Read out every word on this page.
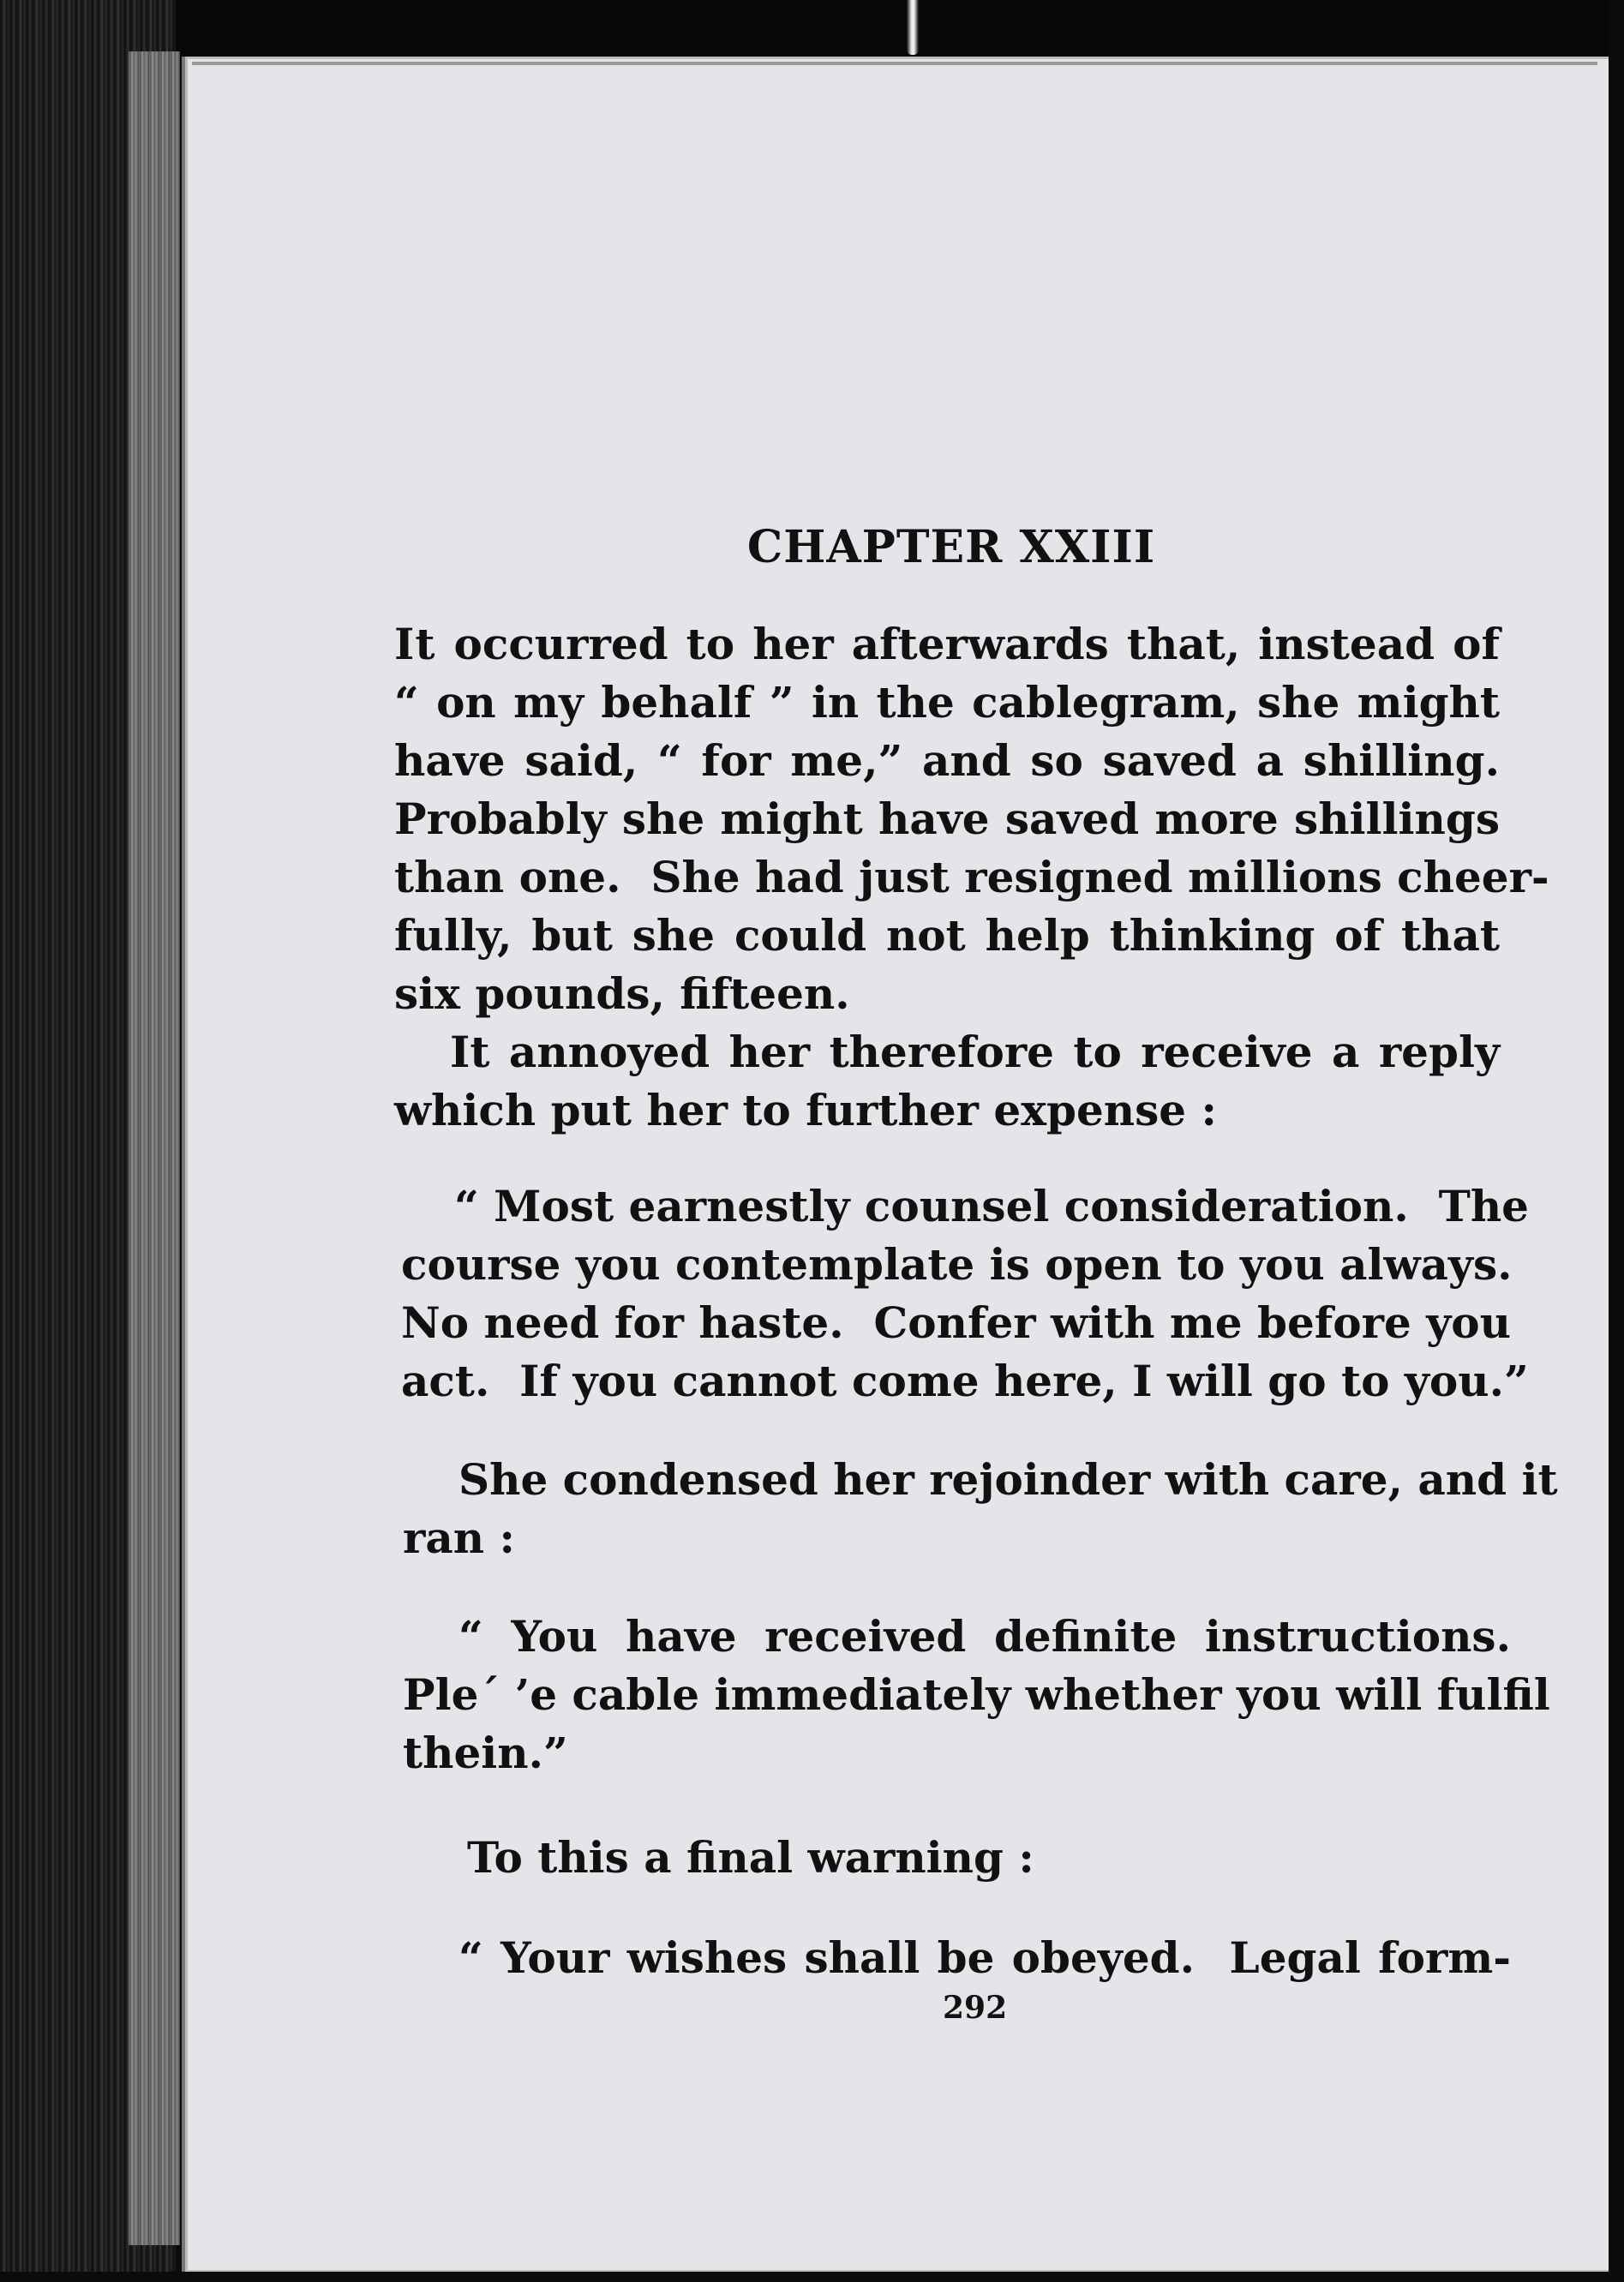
CHAPTER XXIII
It occurred to her afterwards that, instead of
“ on my behalf ” in the cablegram, she might
have said, “ for me,” and so saved a shilling.
Probably she might have saved more shillings
than one.  She had just resigned millions cheer-
fully, but she could not help thinking of that
six pounds, fifteen.
It annoyed her therefore to receive a reply
which put her to further expense :
“ Most earnestly counsel consideration.  The
course you contemplate is open to you always.
No need for haste.  Confer with me before you
act.  If you cannot come here, I will go to you.”
She condensed her rejoinder with care, and it
ran :
“ You have received definite instructions.
Ple´ ’e cable immediately whether you will fulfil
thein.”
To this a final warning :
“ Your wishes shall be obeyed.  Legal form-
292
